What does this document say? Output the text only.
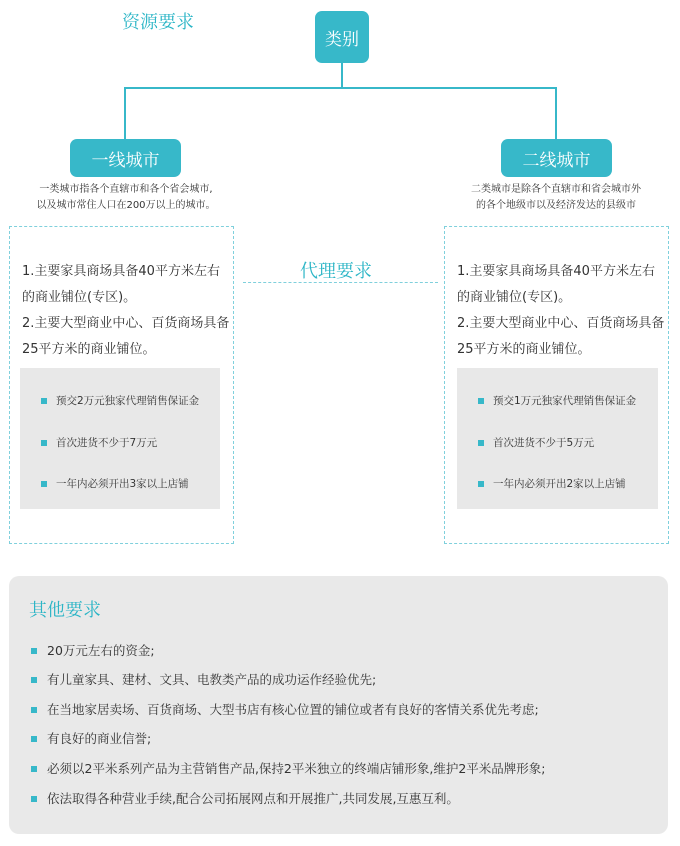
资源要求
类别
一线城市
一类城市指各个直辖市和各个省会城市,
以及城市常住人口在200万以上的城市。
二线城市
二类城市是除各个直辖市和省会城市外
的各个地级市以及经济发达的县级市
代理要求

1.主要家具商场具备40平方米左右
的商业铺位(专区)。
2.主要大型商业中心、百货商场具备
25平方米的商业铺位。

预交2万元独家代理销售保证金
首次进货不少于7万元
一年内必须开出3家以上店铺

1.主要家具商场具备40平方米左右
的商业铺位(专区)。
2.主要大型商业中心、百货商场具备
25平方米的商业铺位。

预交1万元独家代理销售保证金
首次进货不少于5万元
一年内必须开出2家以上店铺
其他要求
20万元左右的资金;
有儿童家具、建材、文具、电教类产品的成功运作经验优先;
在当地家居卖场、百货商场、大型书店有核心位置的铺位或者有良好的客情关系优先考虑;
有良好的商业信誉;
必须以2平米系列产品为主营销售产品,保持2平米独立的终端店铺形象,维护2平米品牌形象;
依法取得各种营业手续,配合公司拓展网点和开展推广,共同发展,互惠互利。
